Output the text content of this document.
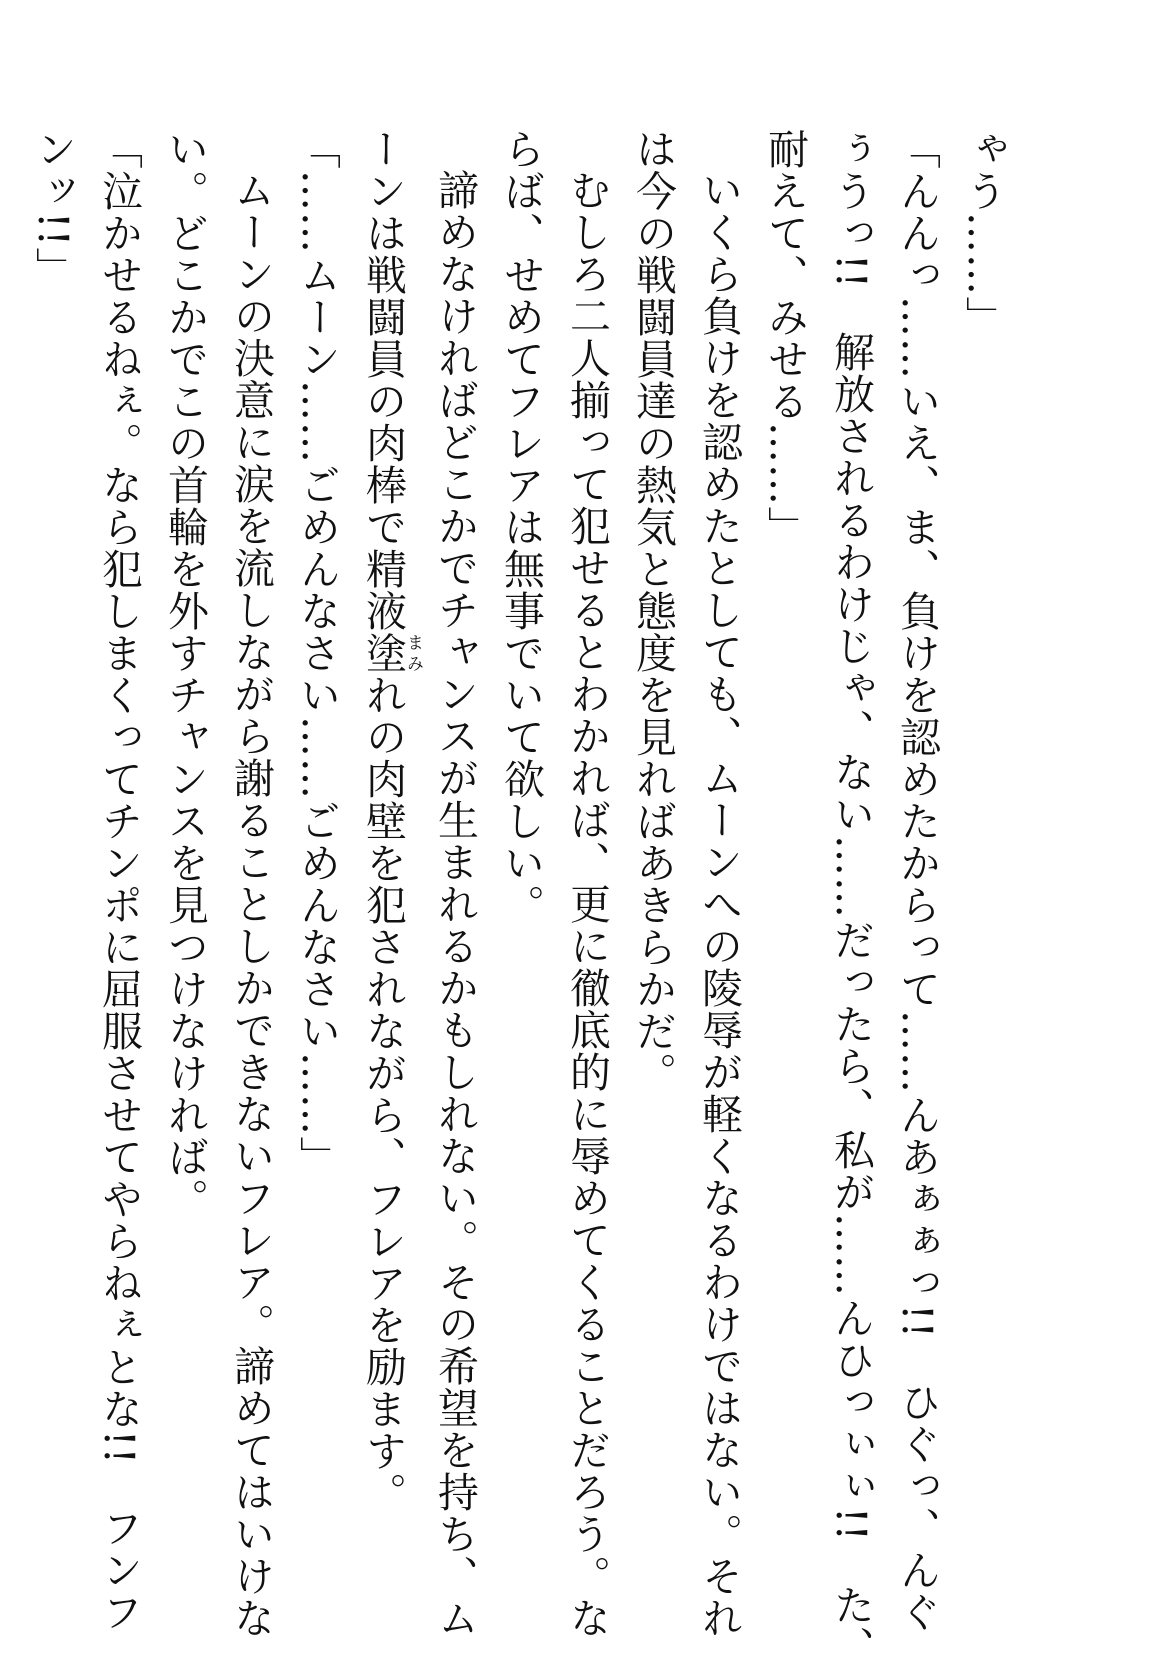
ゃう……」
「んんっ……いえ、ま、負けを認めたからって……んあぁぁっ!!　ひぐっ、んぐ
ぅうっ!!　解放されるわけじゃ、ない……だったら、私が……んひっぃぃ!!　た、
耐えて、みせる……」
いくら負けを認めたとしても、ムーンへの陵辱が軽くなるわけではない。それ
は今の戦闘員達の熱気と態度を見ればあきらかだ。
むしろ二人揃って犯せるとわかれば、更に徹底的に辱めてくることだろう。な
らば、せめてフレアは無事でいて欲しい。
諦めなければどこかでチャンスが生まれるかもしれない。その希望を持ち、ム
ーンは戦闘員の肉棒で精液塗まみれの肉壁を犯されながら、フレアを励ます。
「……ムーン……ごめんなさい……ごめんなさい……」
ムーンの決意に涙を流しながら謝ることしかできないフレア。諦めてはいけな
い。どこかでこの首輪を外すチャンスを見つけなければ。
「泣かせるねぇ。なら犯しまくってチンポに屈服させてやらねぇとな!!　フンフ
ンッ!!」
